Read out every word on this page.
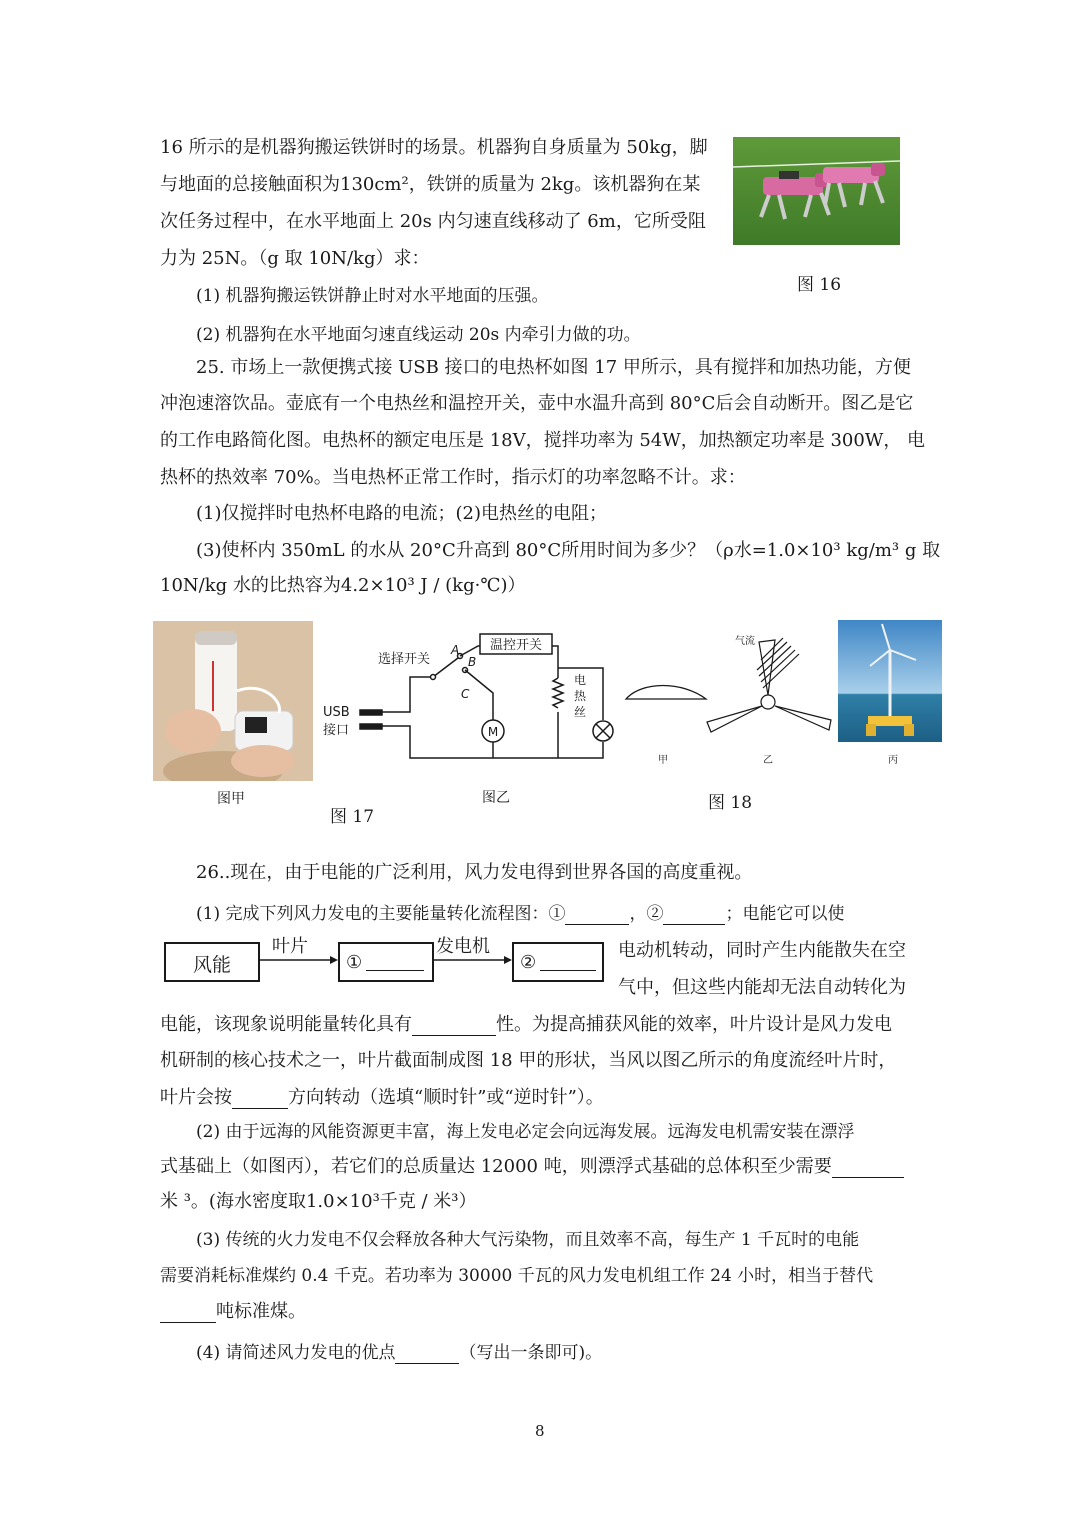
16 所示的是机器狗搬运铁饼时的场景。机器狗自身质量为 50kg，脚
与地面的总接触面积为130cm²，铁饼的质量为 2kg。该机器狗在某
次任务过程中，在水平地面上 20s 内匀速直线移动了 6m，它所受阻
力为 25N。（g 取 10N/kg）求：
(1) 机器狗搬运铁饼静止时对水平地面的压强。
(2) 机器狗在水平地面匀速直线运动 20s 内牵引力做的功。
图 16
25. 市场上一款便携式接 USB 接口的电热杯如图 17 甲所示，具有搅拌和加热功能，方便
冲泡速溶饮品。壶底有一个电热丝和温控开关，壶中水温升高到 80°C后会自动断开。图乙是它
的工作电路简化图。电热杯的额定电压是 18V，搅拌功率为 54W，加热额定功率是 300W， 电
热杯的热效率 70%。当电热杯正常工作时，指示灯的功率忽略不计。求：
(1)仅搅拌时电热杯电路的电流；(2)电热丝的电阻；
(3)使杯内 350mL 的水从 20°C升高到 80°C所用时间为多少？（ρ水=1.0×10³ kg/m³ g 取
10N/kg 水的比热容为4.2×10³ J / (kg·℃)）
图甲
温控开关
选择开关
A
B
C
USB
接口	M
电
热
丝
图乙
图 17
甲
气流
乙	丙
图 18
26..现在，由于电能的广泛利用，风力发电得到世界各国的高度重视。
(1) 完成下列风力发电的主要能量转化流程图：①	，②	；电能它可以使
风能
叶片
①
发电机
②
电动机转动，同时产生内能散失在空
气中，但这些内能却无法自动转化为
电能，该现象说明能量转化具有	性。为提高捕获风能的效率，叶片设计是风力发电
机研制的核心技术之一，叶片截面制成图 18 甲的形状，当风以图乙所示的角度流经叶片时，
叶片会按	方向转动（选填“顺时针”或“逆时针”）。
(2) 由于远海的风能资源更丰富，海上发电必定会向远海发展。远海发电机需安装在漂浮
式基础上（如图丙），若它们的总质量达 12000 吨，则漂浮式基础的总体积至少需要
米 ³。(海水密度取1.0×10³千克 / 米³）
(3) 传统的火力发电不仅会释放各种大气污染物，而且效率不高，每生产 1 千瓦时的电能
需要消耗标准煤约 0.4 千克。若功率为 30000 千瓦的风力发电机组工作 24 小时，相当于替代
吨标准煤。
(4) 请简述风力发电的优点	（写出一条即可)。
8
